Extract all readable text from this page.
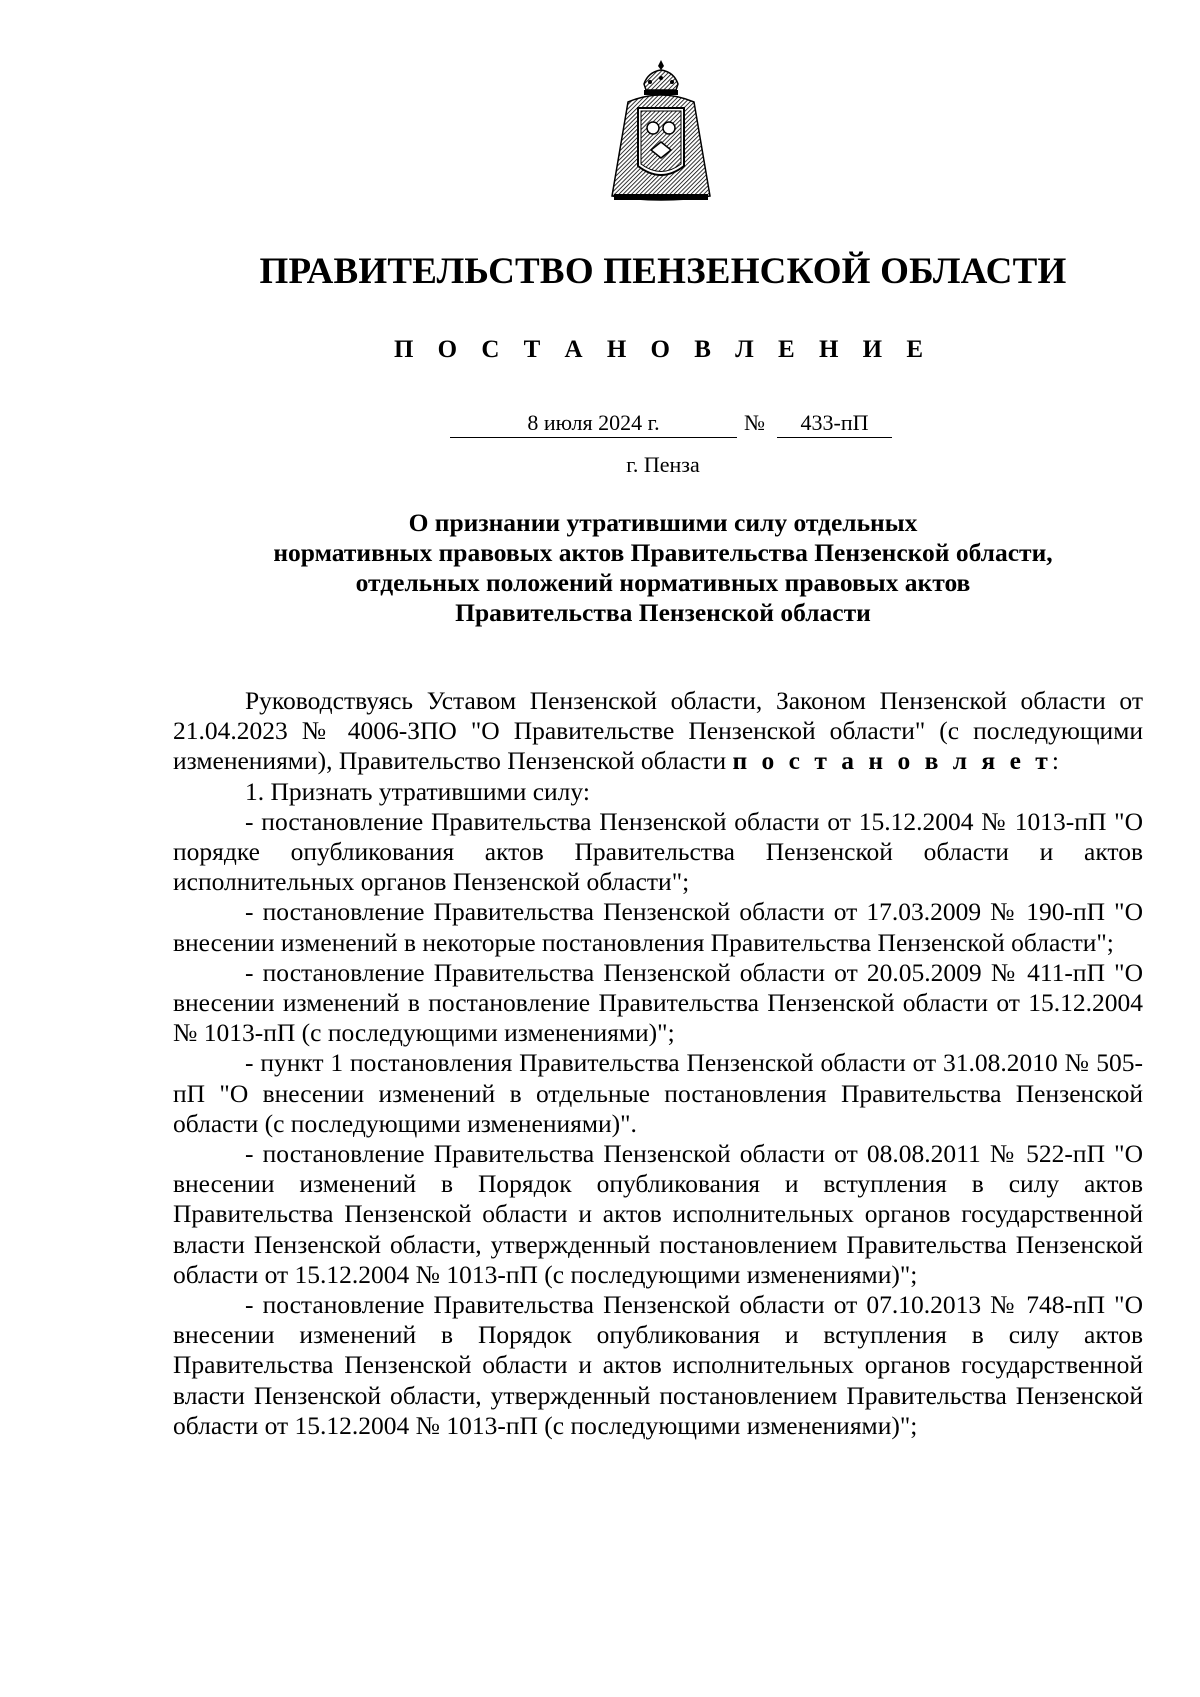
ПРАВИТЕЛЬСТВО ПЕНЗЕНСКОЙ ОБЛАСТИ
П О С Т А Н О В Л Е Н И Е
8 июля 2024 г.	№	433-пП
г. Пенза
О признании утратившими силу отдельных
нормативных правовых актов Правительства Пензенской области,
отдельных положений нормативных правовых актов
Правительства Пензенской области

Руководствуясь Уставом Пензенской области, Законом Пензенской области от 21.04.2023 № 4006-ЗПО "О Правительстве Пензенской области" (с последующими изменениями), Правительство Пензенской области п о с т а н о в л я е т:

1. Признать утратившими силу:

- постановление Правительства Пензенской области от 15.12.2004 № 1013-пП "О порядке опубликования актов Правительства Пензенской области и актов исполнительных органов Пензенской области";

- постановление Правительства Пензенской области от 17.03.2009 № 190-пП "О внесении изменений в некоторые постановления Правительства Пензенской области";

- постановление Правительства Пензенской области от 20.05.2009 № 411-пП "О внесении изменений в постановление Правительства Пензенской области от 15.12.2004 № 1013-пП (с последующими изменениями)";

- пункт 1 постановления Правительства Пензенской области от 31.08.2010 № 505-пП "О внесении изменений в отдельные постановления Правительства Пензенской области (с последующими изменениями)".

- постановление Правительства Пензенской области от 08.08.2011 № 522-пП "О внесении изменений в Порядок опубликования и вступления в силу актов Правительства Пензенской области и актов исполнительных органов государственной власти Пензенской области, утвержденный постановлением Правительства Пензенской области от 15.12.2004 № 1013-пП (с последующими изменениями)";

- постановление Правительства Пензенской области от 07.10.2013 № 748-пП "О внесении изменений в Порядок опубликования и вступления в силу актов Правительства Пензенской области и актов исполнительных органов государственной власти Пензенской области, утвержденный постановлением Правительства Пензенской области от 15.12.2004 № 1013-пП (с последующими изменениями)";
